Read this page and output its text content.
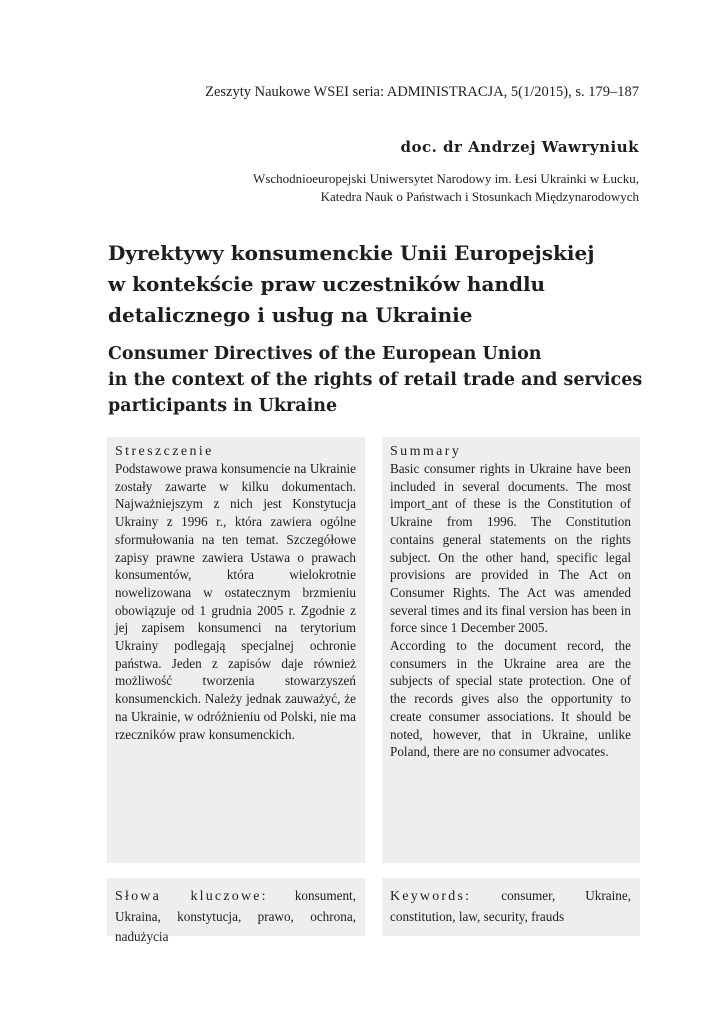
Zeszyty Naukowe WSEI seria: ADMINISTRACJA, 5(1/2015), s. 179–187
doc. dr Andrzej Wawryniuk
Wschodnioeuropejski Uniwersytet Narodowy im. Łesi Ukrainki w Łucku,
Katedra Nauk o Państwach i Stosunkach Międzynarodowych
Dyrektywy konsumenckie Unii Europejskiej
w kontekście praw uczestników handlu
detalicznego i usług na Ukrainie
Consumer Directives of the European Union
in the context of the rights of retail trade and services
participants in Ukraine

Streszczenie

Podstawowe prawa konsumencie na Ukrainie zostały zawarte w kilku dokumentach. Najważniejszym z nich jest Konstytucja Ukrainy z 1996 r., która zawiera ogólne sformułowania na ten temat. Szczegółowe zapisy prawne zawiera Ustawa o prawach konsumentów, która wielokrotnie nowelizowana w ostatecznym brzmieniu obowiązuje od 1 grudnia 2005 r. Zgodnie z jej zapisem konsumenci na terytorium Ukrainy podlegają specjalnej ochronie państwa. Jeden z zapisów daje również możliwość tworzenia stowarzyszeń konsumenckich. Należy jednak zauważyć, że na Ukrainie, w odróżnieniu od Polski, nie ma rzeczników praw konsumenckich.

Summary

Basic consumer rights in Ukraine have been included in several documents. The most import_ant of these is the Constitution of Ukraine from 1996. The Constitution contains general statements on the rights subject. On the other hand, specific legal provisions are provided in The Act on Consumer Rights. The Act was amended several times and its final version has been in force since 1 December 2005.

According to the document record, the consumers in the Ukraine area are the subjects of special state protection. One of the records gives also the opportunity to create consumer associations. It should be noted, however, that in Ukraine, unlike Poland, there are no consumer advocates.

Słowa kluczowe: konsument, Ukraina, konstytucja, prawo, ochrona, nadużycia

Keywords: consumer, Ukraine, constitution, law, security, frauds
